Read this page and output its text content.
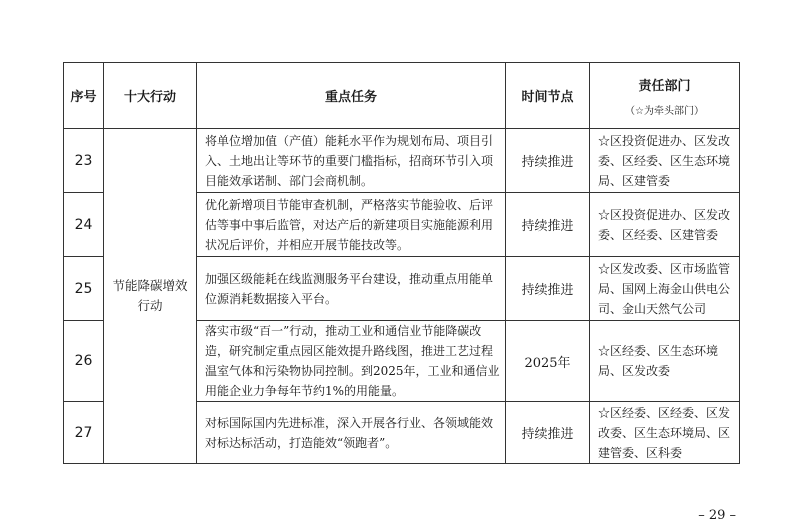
序号	十大行动	重点任务	时间节点	责任部门
（☆为牵头部门）

23	节能降碳增效行动	将单位增加值（产值）能耗水平作为规划布局、项目引入、土地出让等环节的重要门槛指标，招商环节引入项目能效承诺制、部门会商机制。	持续推进	☆区投资促进办、区发改委、区经委、区生态环境局、区建管委
24		优化新增项目节能审查机制，严格落实节能验收、后评估等事中事后监管，对达产后的新建项目实施能源利用状况后评价，并相应开展节能技改等。	持续推进	☆区投资促进办、区发改委、区经委、区建管委
25		加强区级能耗在线监测服务平台建设，推动重点用能单位源消耗数据接入平台。	持续推进	☆区发改委、区市场监管局、国网上海金山供电公司、金山天然气公司
26		落实市级“百一”行动，推动工业和通信业节能降碳改造，研究制定重点园区能效提升路线图，推进工艺过程温室气体和污染物协同控制。到2025年，工业和通信业用能企业力争每年节约1%的用能量。	2025年	☆区经委、区生态环境局、区发改委
27		对标国际国内先进标准，深入开展各行业、各领域能效对标达标活动，打造能效“领跑者”。	持续推进	☆区经委、区经委、区发改委、区生态环境局、区建管委、区科委
– 29 –
